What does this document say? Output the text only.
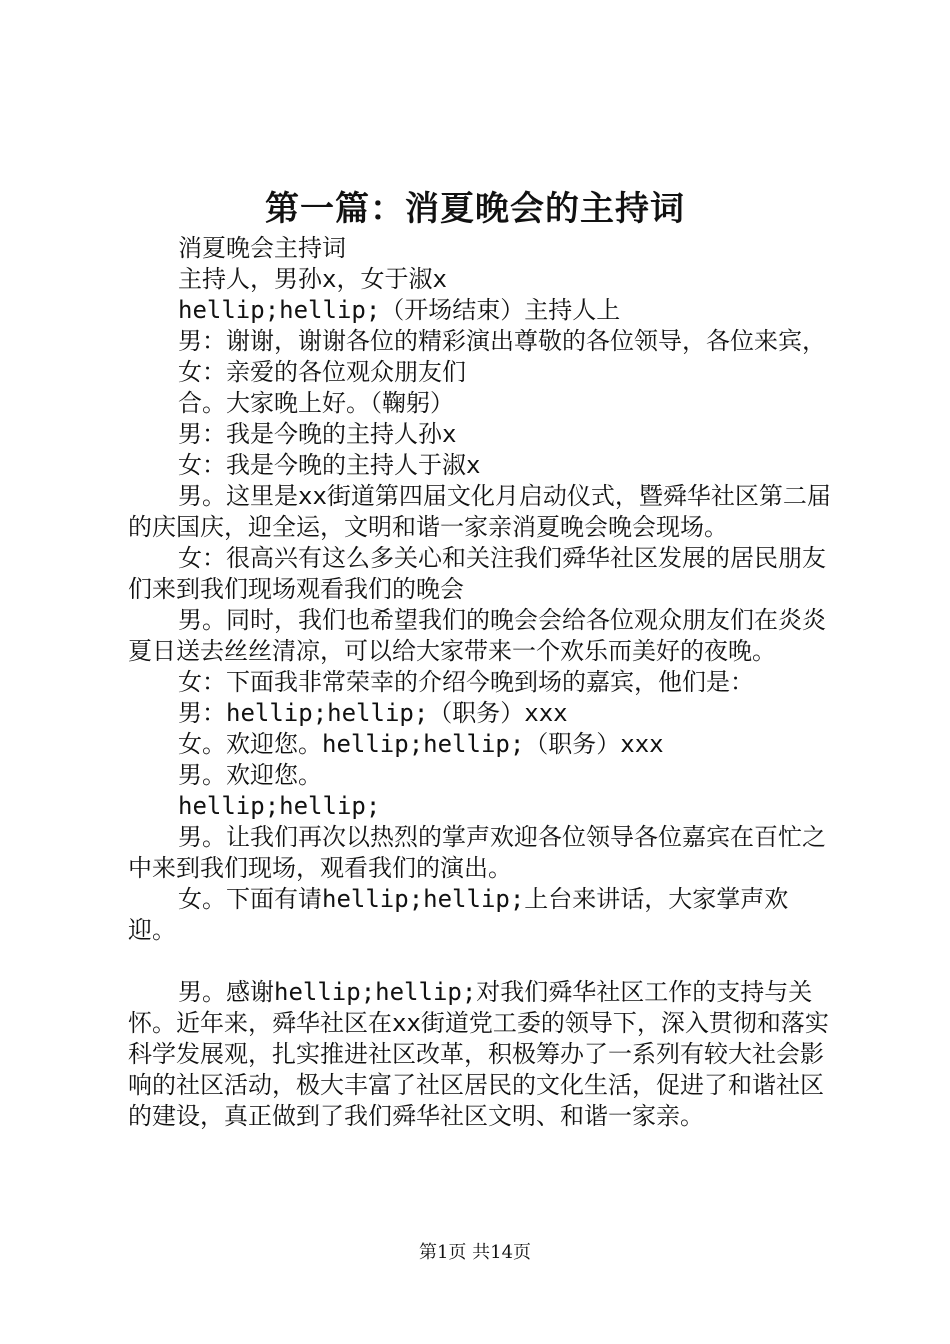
第一篇：消夏晚会的主持词

消夏晚会主持词

主持人，男孙x，女于淑x

hellip;hellip;（开场结束）主持人上

男：谢谢，谢谢各位的精彩演出尊敬的各位领导，各位来宾，

女：亲爱的各位观众朋友们

合。大家晚上好。（鞠躬）

男：我是今晚的主持人孙x

女：我是今晚的主持人于淑x

男。这里是xx街道第四届文化月启动仪式，暨舜华社区第二届的庆国庆，迎全运，文明和谐一家亲消夏晚会晚会现场。

女：很高兴有这么多关心和关注我们舜华社区发展的居民朋友们来到我们现场观看我们的晚会

男。同时，我们也希望我们的晚会会给各位观众朋友们在炎炎夏日送去丝丝清凉，可以给大家带来一个欢乐而美好的夜晚。

女：下面我非常荣幸的介绍今晚到场的嘉宾，他们是：

男：hellip;hellip;（职务）xxx

女。欢迎您。hellip;hellip;（职务）xxx

男。欢迎您。

hellip;hellip;

男。让我们再次以热烈的掌声欢迎各位领导各位嘉宾在百忙之中来到我们现场，观看我们的演出。

女。下面有请hellip;hellip;上台来讲话，大家掌声欢迎。

男。感谢hellip;hellip;对我们舜华社区工作的支持与关怀。近年来，舜华社区在xx街道党工委的领导下，深入贯彻和落实科学发展观，扎实推进社区改革，积极筹办了一系列有较大社会影响的社区活动，极大丰富了社区居民的文化生活，促进了和谐社区的建设，真正做到了我们舜华社区文明、和谐一家亲。

第1页 共14页
